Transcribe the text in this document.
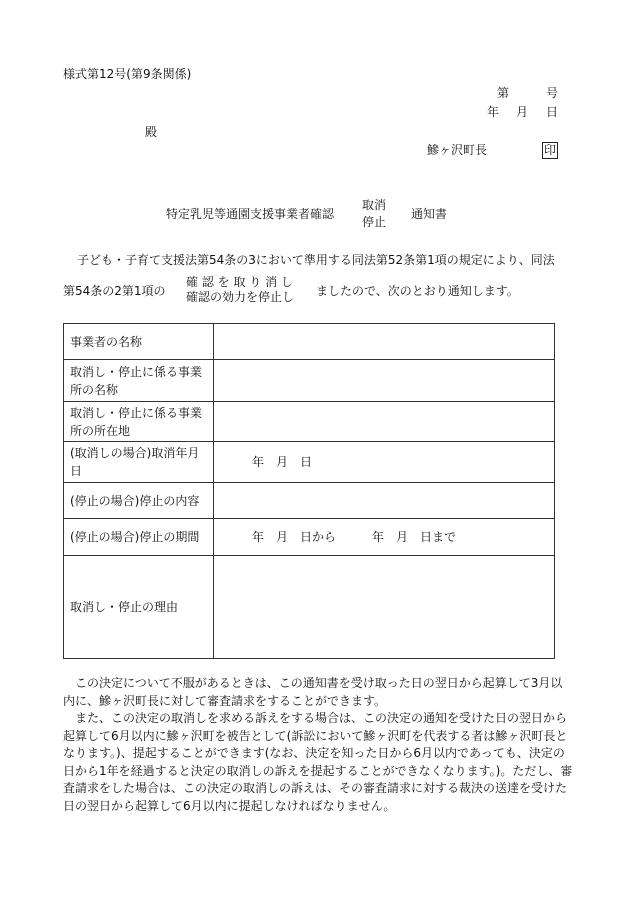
様式第12号(第9条関係)
第	号
年 月 日
殿
鰺ヶ沢町長	印
特定乳児等通園支援事業者確認
取消
停止
通知書
子ども・子育て支援法第54条の3において準用する同法第52条第1項の規定により、同法
第54条の2第1項の
確 認 を 取 り 消 し
確認の効力を停止し ましたので、次のとおり通知します。
事業者の名称	
取消し・停止に係る事業所の名称	
取消し・停止に係る事業所の所在地	
(取消しの場合)取消年月日	年　月　日
(停止の場合)停止の内容	
(停止の場合)停止の期間	年　月　日から　　　年　月　日まで
取消し・停止の理由	

この決定について不服があるときは、この通知書を受け取った日の翌日から起算して3月以内に、鰺ヶ沢町長に対して審査請求をすることができます。

また、この決定の取消しを求める訴えをする場合は、この決定の通知を受けた日の翌日から起算して6月以内に鰺ヶ沢町を被告として(訴訟において鰺ヶ沢町を代表する者は鰺ヶ沢町長となります。)、提起することができます(なお、決定を知った日から6月以内であっても、決定の日から1年を経過すると決定の取消しの訴えを提起することができなくなります。)。ただし、審査請求をした場合は、この決定の取消しの訴えは、その審査請求に対する裁決の送達を受けた日の翌日から起算して6月以内に提起しなければなりません。
